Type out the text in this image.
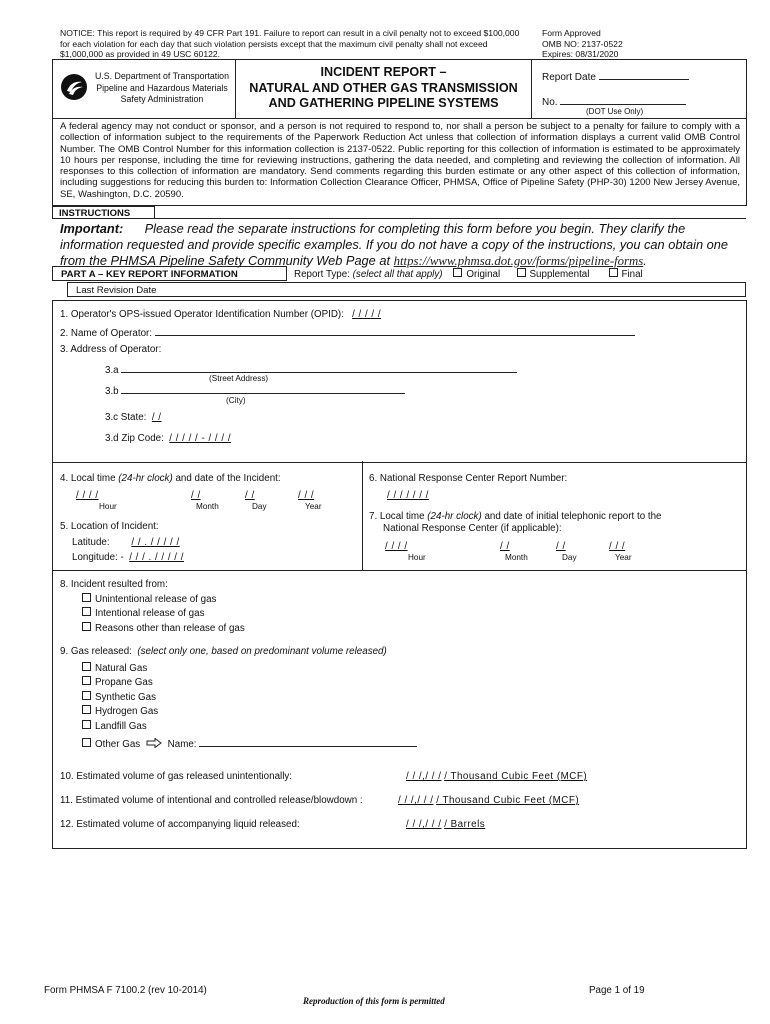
NOTICE: This report is required by 49 CFR Part 191. Failure to report can result in a civil penalty not to exceed $100,000 for each violation for each day that such violation persists except that the maximum civil penalty shall not exceed $1,000,000 as provided in 49 USC 60122.
Form Approved
OMB NO: 2137-0522
Expires: 08/31/2020
U.S. Department of Transportation
Pipeline and Hazardous Materials
Safety Administration
INCIDENT REPORT –
NATURAL AND OTHER GAS TRANSMISSION
AND GATHERING PIPELINE SYSTEMS
Report Date
No.
(DOT Use Only)
A federal agency may not conduct or sponsor, and a person is not required to respond to, nor shall a person be subject to a penalty for failure to comply with a collection of information subject to the requirements of the Paperwork Reduction Act unless that collection of information displays a current valid OMB Control Number. The OMB Control Number for this information collection is 2137-0522. Public reporting for this collection of information is estimated to be approximately 10 hours per response, including the time for reviewing instructions, gathering the data needed, and completing and reviewing the collection of information. All responses to this collection of information are mandatory. Send comments regarding this burden estimate or any other aspect of this collection of information, including suggestions for reducing this burden to: Information Collection Clearance Officer, PHMSA, Office of Pipeline Safety (PHP-30) 1200 New Jersey Avenue, SE, Washington, D.C. 20590.
INSTRUCTIONS
Important: Please read the separate instructions for completing this form before you begin. They clarify the information requested and provide specific examples. If you do not have a copy of the instructions, you can obtain one from the PHMSA Pipeline Safety Community Web Page at https://www.phmsa.dot.gov/forms/pipeline-forms.
PART A – KEY REPORT INFORMATION	Report Type: (select all that apply) Original	Supplemental	Final
Last Revision Date
1. Operator's OPS-issued Operator Identification Number (OPID): / / / / /
2. Name of Operator:
3. Address of Operator:
3.a
(Street Address)
3.b
(City)
3.c State: / /
3.d Zip Code: / / / / / - / / / /
4. Local time (24-hr clock) and date of the Incident:
/ / / /	/ /	/ /	/ / /
Hour	Month	Day	Year
5. Location of Incident:
Latitude: / / . / / / / /
Longitude: - / / / . / / / / /
6. National Response Center Report Number:
/ / / / / / /
7. Local time (24-hr clock) and date of initial telephonic report to the
National Response Center (if applicable):
/ / / /	/ /	/ /	/ / /
Hour	Month	Day	Year
8. Incident resulted from:
Unintentional release of gas
Intentional release of gas
Reasons other than release of gas
9. Gas released: (select only one, based on predominant volume released)
Natural Gas
Propane Gas
Synthetic Gas
Hydrogen Gas
Landfill Gas
Other Gas	Name:
10. Estimated volume of gas released unintentionally:	/ / /,/ / / / Thousand Cubic Feet (MCF)
11. Estimated volume of intentional and controlled release/blowdown :	/ / /,/ / / / Thousand Cubic Feet (MCF)
12. Estimated volume of accompanying liquid released:	/ / /,/ / / / Barrels
Form PHMSA F 7100.2 (rev 10-2014)	Page 1 of 19
Reproduction of this form is permitted
